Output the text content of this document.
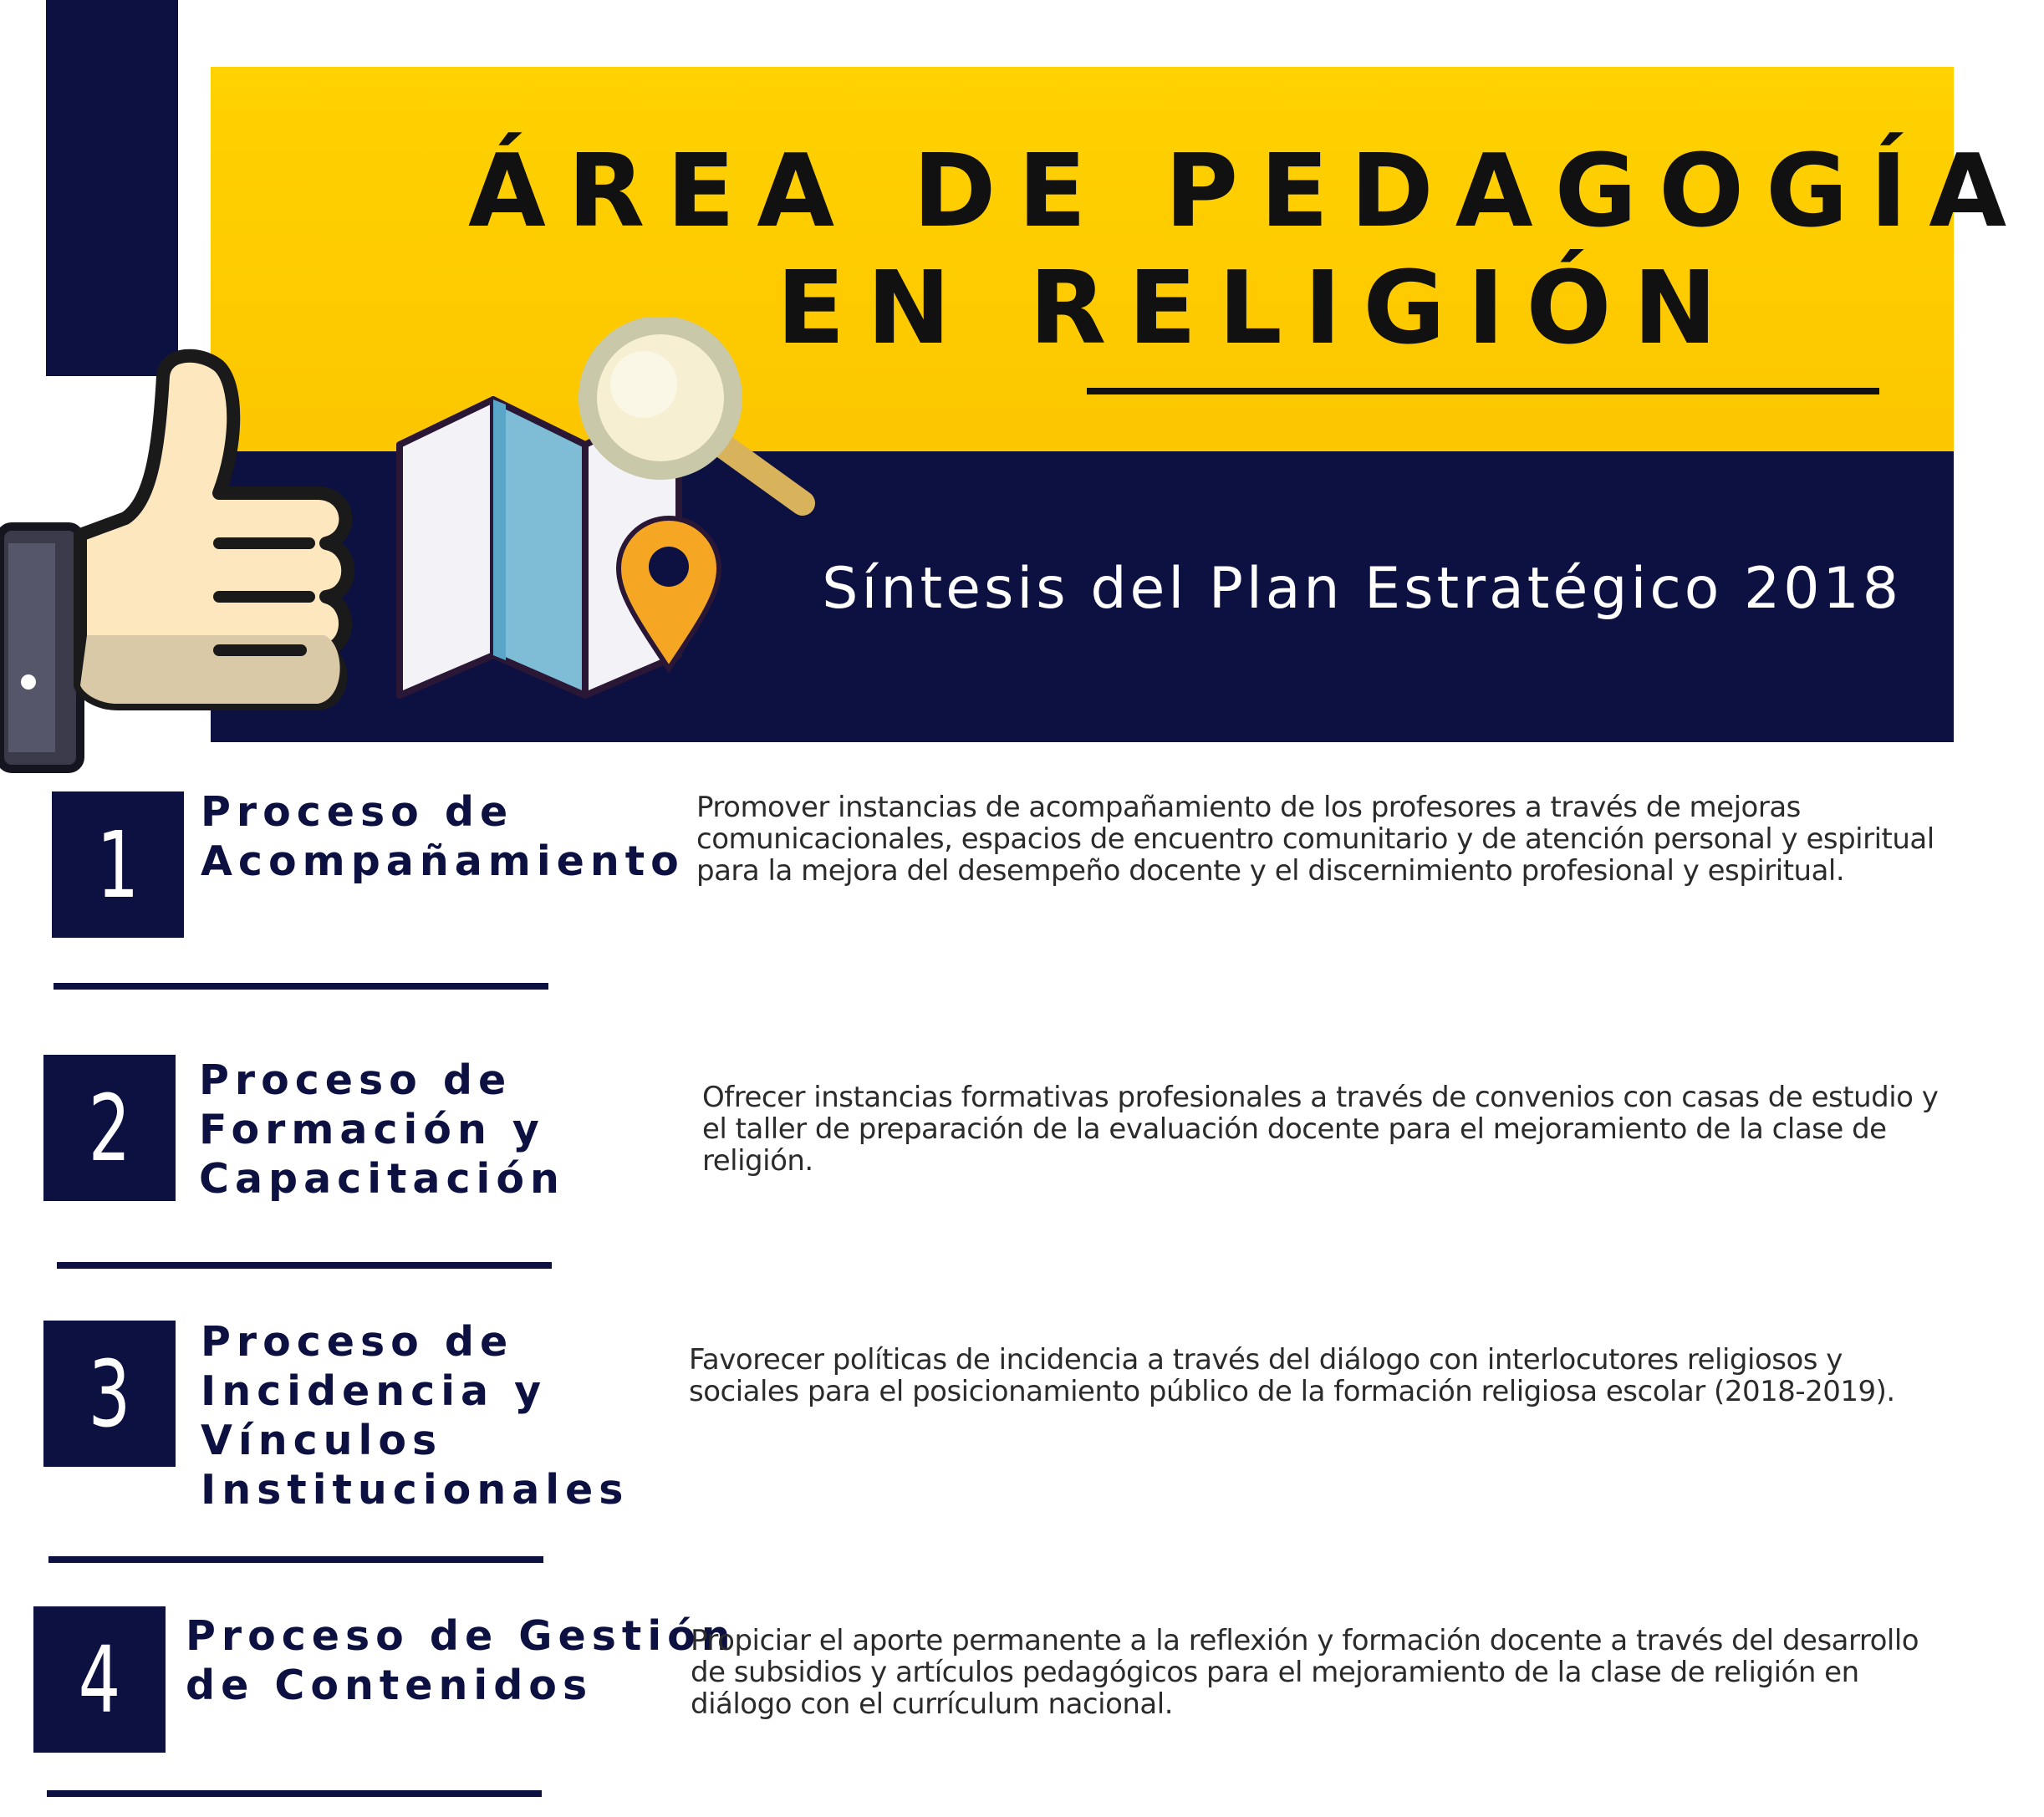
ÁREA DE PEDAGOGÍA
EN RELIGIÓN
Síntesis del Plan Estratégico 2018
1 Proceso de
Acompañamiento
Promover instancias de acompañamiento de los profesores a través de mejoras comunicacionales, espacios de encuentro comunitario y de atención personal y espiritual para la mejora del desempeño docente y el discernimiento profesional y espiritual.
2 Proceso de
Formación y
Capacitación
Ofrecer instancias formativas profesionales a través de convenios con casas de estudio y el taller de preparación de la evaluación docente para el mejoramiento de la clase de religión.
3 Proceso de
Incidencia y
Vínculos
Institucionales
Favorecer políticas de incidencia a través del diálogo con interlocutores religiosos y sociales para el posicionamiento público de la formación religiosa escolar (2018-2019).
4 Proceso de Gestión
de Contenidos
Propiciar el aporte permanente a la reflexión y formación docente a través del desarrollo de subsidios y artículos pedagógicos para el mejoramiento de la clase de religión en diálogo con el currículum nacional.
